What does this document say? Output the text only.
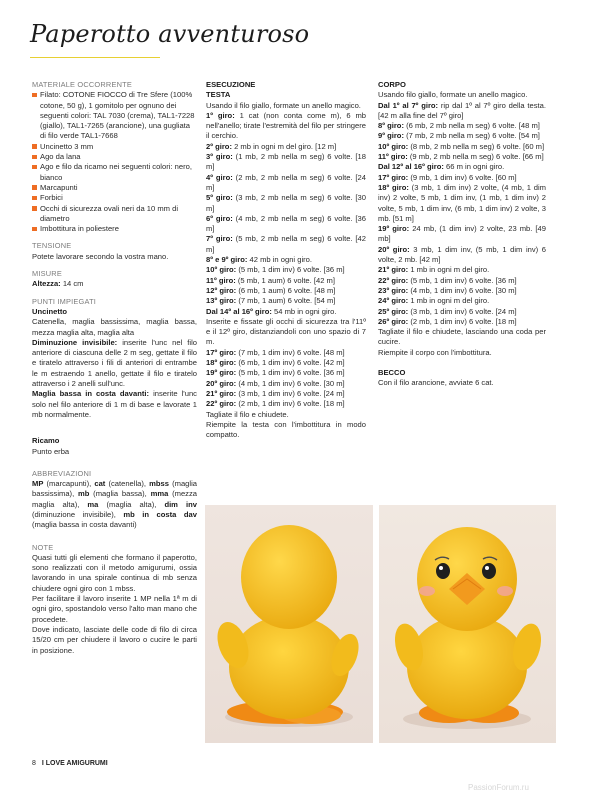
Paperotto avventuroso
MATERIALE OCCORRENTE
Filato: COTONE FIOCCO di Tre Sfere (100% cotone, 50 g), 1 gomitolo per ognuno dei seguenti colori: TAL 7030 (crema), TAL1-7228 (giallo), TAL1-7265 (arancione), una gugliata di filo verde TAL1-7668
Uncinetto 3 mm
Ago da lana
Ago e filo da ricamo nei seguenti colori: nero, bianco
Marcapunti
Forbici
Occhi di sicurezza ovali neri da 10 mm di diametro
Imbottitura in poliestere
TENSIONE

Potete lavorare secondo la vostra mano.

MISURE

Altezza: 14 cm

PUNTI IMPIEGATI
Uncinetto

Catenella, maglia bassissima, maglia bassa, mezza maglia alta, maglia alta

Diminuzione invisibile: inserite l'unc nel filo anteriore di ciascuna delle 2 m seg, gettate il filo e tiratelo attraverso i fili di anteriori di entrambe le m estraendo 1 anello, gettate il filo e tiratelo attraverso i 2 anelli sull'unc.

Maglia bassa in costa davanti: inserite l'unc solo nel filo anteriore di 1 m di base e lavorate 1 mb normalmente.

Ricamo

Punto erba

ABBREVIAZIONI

MP (marcapunti), cat (catenella), mbss (maglia bassissima), mb (maglia bassa), mma (mezza maglia alta), ma (maglia alta), dim inv (diminuzione invisibile), mb in costa dav (maglia bassa in costa davanti)

NOTE

Quasi tutti gli elementi che formano il paperotto, sono realizzati con il metodo amigurumi, ossia lavorando in una spirale continua di mb senza chiudere ogni giro con 1 mbss.

Per facilitare il lavoro inserite 1 MP nella 1ª m di ogni giro, spostandolo verso l'alto man mano che procedete.

Dove indicato, lasciate delle code di filo di circa 15/20 cm per chiudere il lavoro o cucire le parti in posizione.

ESECUZIONE
TESTA

Usando il filo giallo, formate un anello magico.

1º giro: 1 cat (non conta come m), 6 mb nell'anello; tirate l'estremità del filo per stringere il cerchio.

2º giro: 2 mb in ogni m del giro. [12 m]

3º giro: (1 mb, 2 mb nella m seg) 6 volte. [18 m]

4º giro: (2 mb, 2 mb nella m seg) 6 volte. [24 m]

5º giro: (3 mb, 2 mb nella m seg) 6 volte. [30 m]

6º giro: (4 mb, 2 mb nella m seg) 6 volte. [36 m]

7º giro: (5 mb, 2 mb nella m seg) 6 volte. [42 m]

8º e 9º giro: 42 mb in ogni giro.

10º giro: (5 mb, 1 dim inv) 6 volte. [36 m]

11º giro: (5 mb, 1 aum) 6 volte. [42 m]

12º giro: (6 mb, 1 aum) 6 volte. [48 m]

13º giro: (7 mb, 1 aum) 6 volte. [54 m]

Dal 14º al 16º giro: 54 mb in ogni giro.

Inserite e fissate gli occhi di sicurezza tra l'11º e il 12º giro, distanziandoli con uno spazio di 7 m.

17º giro: (7 mb, 1 dim inv) 6 volte. [48 m]

18º giro: (6 mb, 1 dim inv) 6 volte. [42 m]

19º giro: (5 mb, 1 dim inv) 6 volte. [36 m]

20º giro: (4 mb, 1 dim inv) 6 volte. [30 m]

21º giro: (3 mb, 1 dim inv) 6 volte. [24 m]

22º giro: (2 mb, 1 dim inv) 6 volte. [18 m]

Tagliate il filo e chiudete.

Riempite la testa con l'imbottitura in modo compatto.

CORPO

Usando filo giallo, formate un anello magico.

Dal 1º al 7º giro: rip dal 1º al 7º giro della testa. [42 m alla fine del 7º giro]

8º giro: (6 mb, 2 mb nella m seg) 6 volte. [48 m]

9º giro: (7 mb, 2 mb nella m seg) 6 volte. [54 m]

10º giro: (8 mb, 2 mb nella m seg) 6 volte. [60 m]

11º giro: (9 mb, 2 mb nella m seg) 6 volte. [66 m]

Dal 12º al 16º giro: 66 m in ogni giro.

17º giro: (9 mb, 1 dim inv) 6 volte. [60 m]

18º giro: (3 mb, 1 dim inv) 2 volte, (4 mb, 1 dim inv) 2 volte, 5 mb, 1 dim inv, (1 mb, 1 dim inv) 2 volte, 5 mb, 1 dim inv, (6 mb, 1 dim inv) 2 volte, 3 mb. [51 m]

19º giro: 24 mb, (1 dim inv) 2 volte, 23 mb. [49 mb]

20º giro: 3 mb, 1 dim inv, (5 mb, 1 dim inv) 6 volte, 2 mb. [42 m]

21º giro: 1 mb in ogni m del giro.

22º giro: (5 mb, 1 dim inv) 6 volte. [36 m]

23º giro: (4 mb, 1 dim inv) 6 volte. [30 m]

24º giro: 1 mb in ogni m del giro.

25º giro: (3 mb, 1 dim inv) 6 volte. [24 m]

26º giro: (2 mb, 1 dim inv) 6 volte. [18 m]

Tagliate il filo e chiudete, lasciando una coda per cucire.

Riempite il corpo con l'imbottitura.

BECCO

Con il filo arancione, avviate 6 cat.

8 I LOVE AMIGURUMI
PassionForum.ru
